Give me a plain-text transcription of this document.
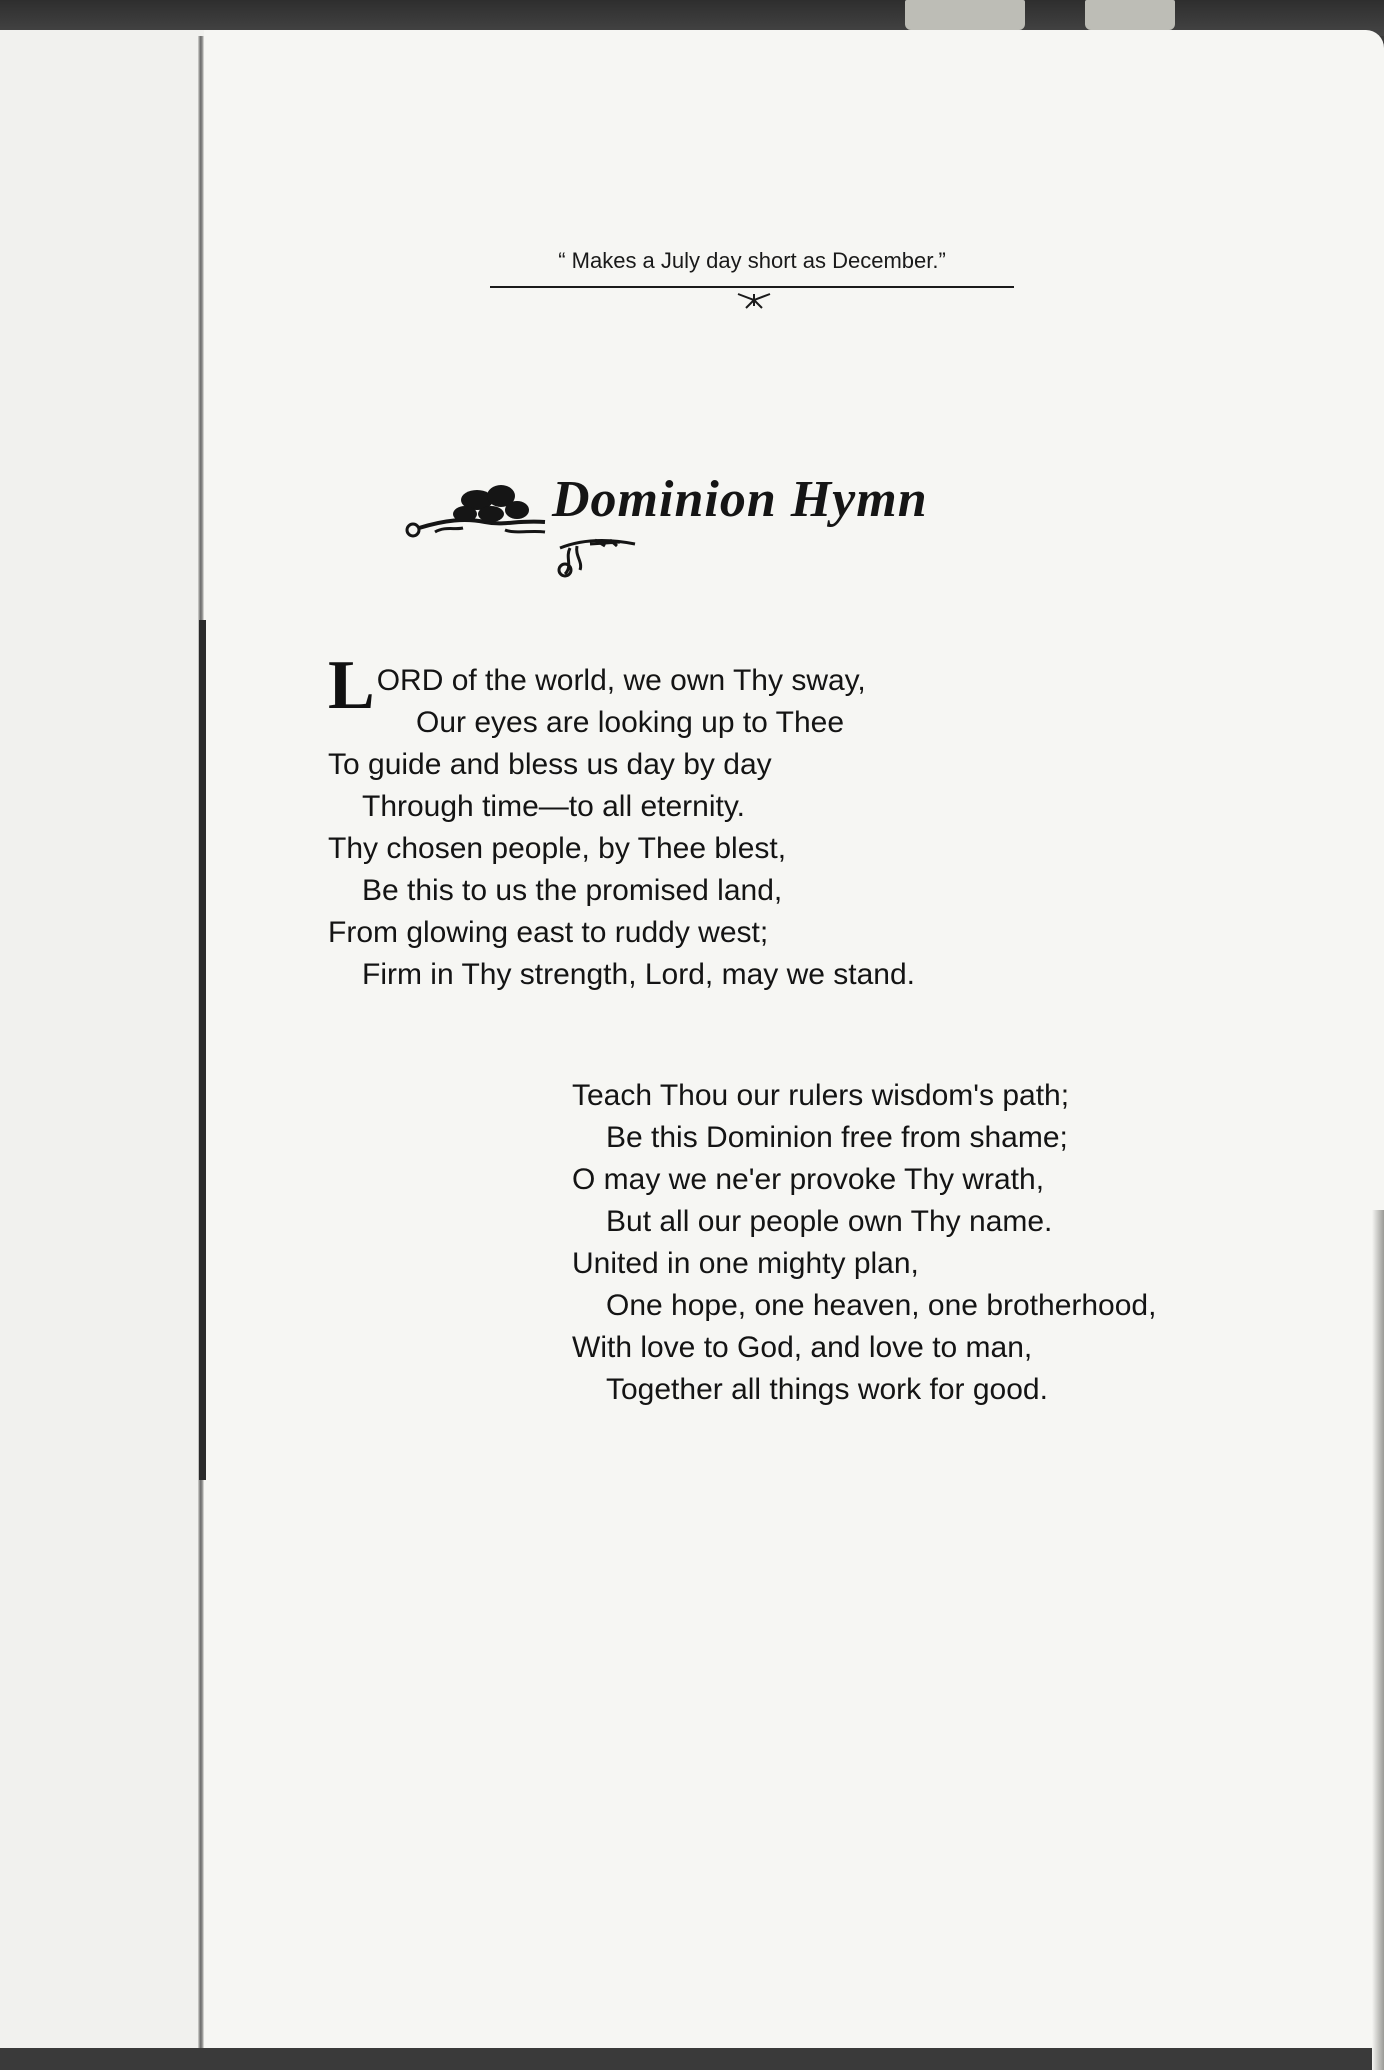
“ Makes a July day short as December.”
Dominion Hymn
LORD of the world, we own Thy sway,
Our eyes are looking up to Thee
To guide and bless us day by day
Through time—to all eternity.
Thy chosen people, by Thee blest,
Be this to us the promised land,
From glowing east to ruddy west;
Firm in Thy strength, Lord, may we stand.
Teach Thou our rulers wisdom's path;
Be this Dominion free from shame;
O may we ne'er provoke Thy wrath,
But all our people own Thy name.
United in one mighty plan,
One hope, one heaven, one brotherhood,
With love to God, and love to man,
Together all things work for good.
